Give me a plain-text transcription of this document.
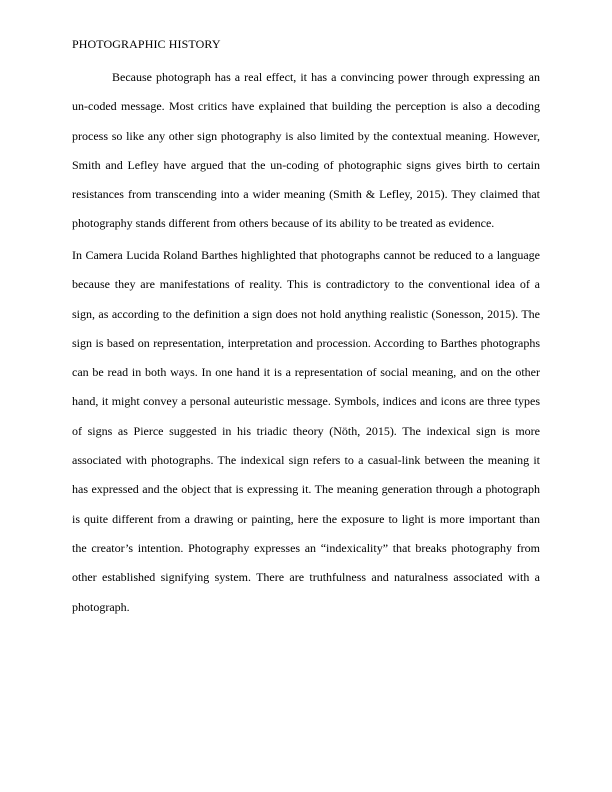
PHOTOGRAPHIC HISTORY

Because photograph has a real effect, it has a convincing power through expressing an un-coded message. Most critics have explained that building the perception is also a decoding process so like any other sign photography is also limited by the contextual meaning. However, Smith and Lefley have argued that the un-coding of photographic signs gives birth to certain resistances from transcending into a wider meaning (Smith & Lefley, 2015). They claimed that photography stands different from others because of its ability to be treated as evidence.

In Camera Lucida Roland Barthes highlighted that photographs cannot be reduced to a language because they are manifestations of reality. This is contradictory to the conventional idea of a sign, as according to the definition a sign does not hold anything realistic (Sonesson, 2015). The sign is based on representation, interpretation and procession. According to Barthes photographs can be read in both ways. In one hand it is a representation of social meaning, and on the other hand, it might convey a personal auteuristic message. Symbols, indices and icons are three types of signs as Pierce suggested in his triadic theory (Nöth, 2015). The indexical sign is more associated with photographs. The indexical sign refers to a casual-link between the meaning it has expressed and the object that is expressing it. The meaning generation through a photograph is quite different from a drawing or painting, here the exposure to light is more important than the creator’s intention. Photography expresses an “indexicality” that breaks photography from other established signifying system. There are truthfulness and naturalness associated with a photograph.
